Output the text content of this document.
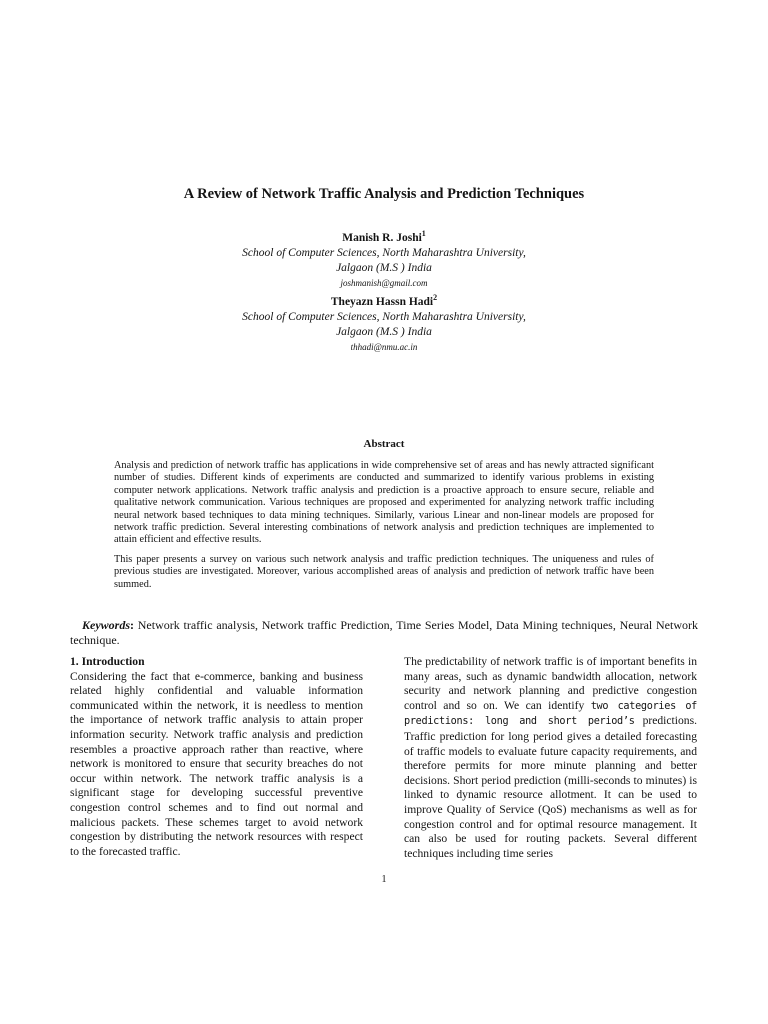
A Review of Network Traffic Analysis and Prediction Techniques
Manish R. Joshi$^1$
School of Computer Sciences, North Maharashtra University,
Jalgaon (M.S ) India
joshmanish@gmail.com
Theyazn Hassn Hadi$^2$
School of Computer Sciences, North Maharashtra University,
Jalgaon (M.S ) India
thhadi@nmu.ac.in
Abstract

Analysis and prediction of network traffic has applications in wide comprehensive set of areas and has newly attracted significant number of studies. Different kinds of experiments are conducted and summarized to identify various problems in existing computer network applications. Network traffic analysis and prediction is a proactive approach to ensure secure, reliable and qualitative network communication. Various techniques are proposed and experimented for analyzing network traffic including neural network based techniques to data mining techniques. Similarly, various Linear and non-linear models are proposed for network traffic prediction. Several interesting combinations of network analysis and prediction techniques are implemented to attain efficient and effective results.

This paper presents a survey on various such network analysis and traffic prediction techniques. The uniqueness and rules of previous studies are investigated. Moreover, various accomplished areas of analysis and prediction of network traffic have been summed.

Keywords: Network traffic analysis, Network traffic Prediction, Time Series Model, Data Mining techniques, Neural Network technique.
1. Introduction

Considering the fact that e-commerce, banking and business related highly confidential and valuable information communicated within the network, it is needless to mention the importance of network traffic analysis to attain proper information security. Network traffic analysis and prediction resembles a proactive approach rather than reactive, where network is monitored to ensure that security breaches do not occur within network. The network traffic analysis is a significant stage for developing successful preventive congestion control schemes and to find out normal and malicious packets. These schemes target to avoid network congestion by distributing the network resources with respect to the forecasted traffic.

The predictability of network traffic is of important benefits in many areas, such as dynamic bandwidth allocation, network security and network planning and predictive congestion control and so on. We can identify two categories of predictions: long and short period’s predictions. Traffic prediction for long period gives a detailed forecasting of traffic models to evaluate future capacity requirements, and therefore permits for more minute planning and better decisions. Short period prediction (milli-seconds to minutes) is linked to dynamic resource allotment. It can be used to improve Quality of Service (QoS) mechanisms as well as for congestion control and for optimal resource management. It can also be used for routing packets. Several different techniques including time series

1
